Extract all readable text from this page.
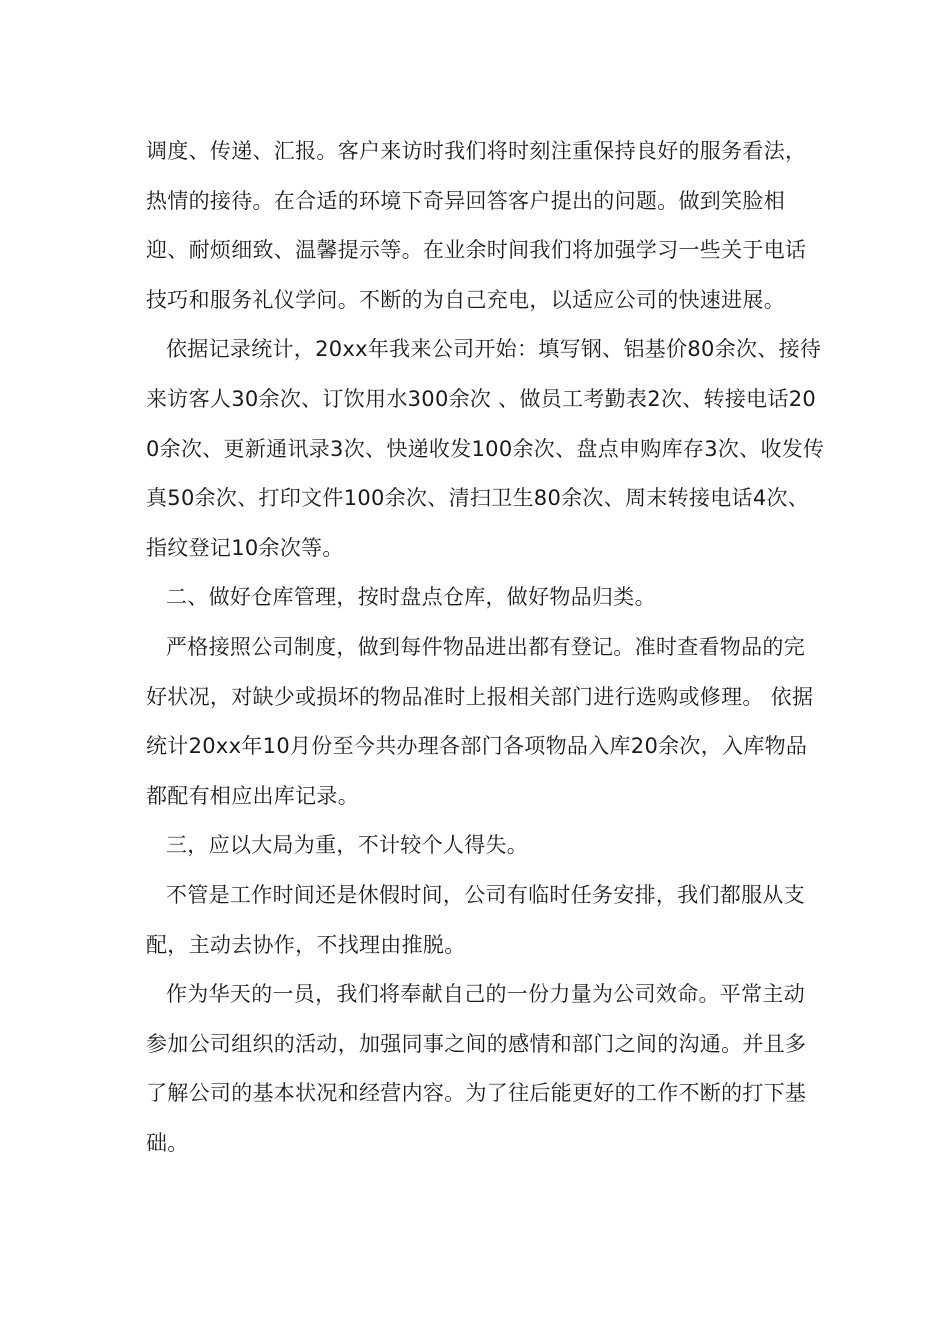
调度、传递、汇报。客户来访时我们将时刻注重保持良好的服务看法，热情的接待。在合适的环境下奇异回答客户提出的问题。做到笑脸相迎、耐烦细致、温馨提示等。在业余时间我们将加强学习一些关于电话技巧和服务礼仪学问。不断的为自己充电，以适应公司的快速进展。

依据记录统计，20xx年我来公司开始：填写钢、铝基价80余次、接待来访客人30余次、订饮用水300余次 、做员工考勤表2次、转接电话200余次、更新通讯录3次、快递收发100余次、盘点申购库存3次、收发传真50余次、打印文件100余次、清扫卫生80余次、周末转接电话4次、指纹登记10余次等。

二、做好仓库管理，按时盘点仓库，做好物品归类。

严格接照公司制度，做到每件物品进出都有登记。准时查看物品的完好状况，对缺少或损坏的物品准时上报相关部门进行选购或修理。 依据统计20xx年10月份至今共办理各部门各项物品入库20余次，入库物品都配有相应出库记录。

三，应以大局为重，不计较个人得失。

不管是工作时间还是休假时间，公司有临时任务安排，我们都服从支配，主动去协作，不找理由推脱。

作为华天的一员，我们将奉献自己的一份力量为公司效命。平常主动参加公司组织的活动，加强同事之间的感情和部门之间的沟通。并且多了解公司的基本状况和经营内容。为了往后能更好的工作不断的打下基础。
